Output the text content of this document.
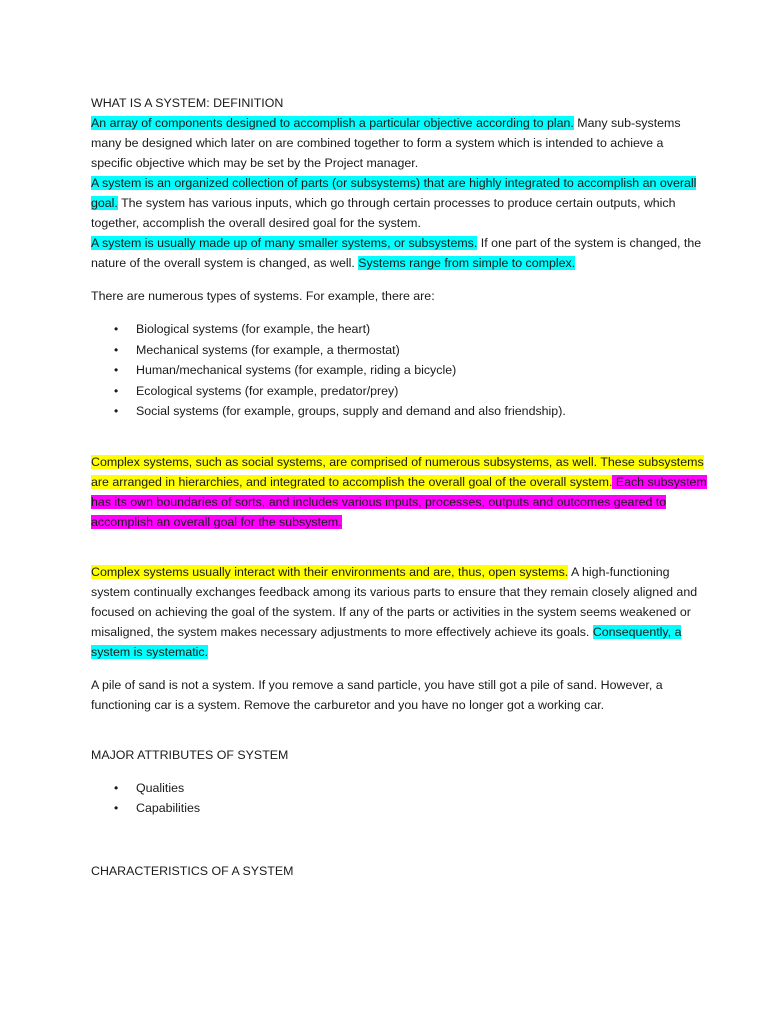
WHAT IS A SYSTEM: DEFINITION

An array of components designed to accomplish a particular objective according to plan. Many sub-systems many be designed which later on are combined together to form a system which is intended to achieve a specific objective which may be set by the Project manager.

A system is an organized collection of parts (or subsystems) that are highly integrated to accomplish an overall goal. The system has various inputs, which go through certain processes to produce certain outputs, which together, accomplish the overall desired goal for the system.

A system is usually made up of many smaller systems, or subsystems. If one part of the system is changed, the nature of the overall system is changed, as well. Systems range from simple to complex.

There are numerous types of systems. For example, there are:

• Biological systems (for example, the heart)
• Mechanical systems (for example, a thermostat)
• Human/mechanical systems (for example, riding a bicycle)
• Ecological systems (for example, predator/prey)
• Social systems (for example, groups, supply and demand and also friendship).

Complex systems, such as social systems, are comprised of numerous subsystems, as well. These subsystems are arranged in hierarchies, and integrated to accomplish the overall goal of the overall system. Each subsystem has its own boundaries of sorts, and includes various inputs, processes, outputs and outcomes geared to accomplish an overall goal for the subsystem.

Complex systems usually interact with their environments and are, thus, open systems. A high-functioning system continually exchanges feedback among its various parts to ensure that they remain closely aligned and focused on achieving the goal of the system. If any of the parts or activities in the system seems weakened or misaligned, the system makes necessary adjustments to more effectively achieve its goals. Consequently, a system is systematic.

A pile of sand is not a system. If you remove a sand particle, you have still got a pile of sand. However, a functioning car is a system. Remove the carburetor and you have no longer got a working car.

MAJOR ATTRIBUTES OF SYSTEM

• Qualities
• Capabilities

CHARACTERISTICS OF A SYSTEM
